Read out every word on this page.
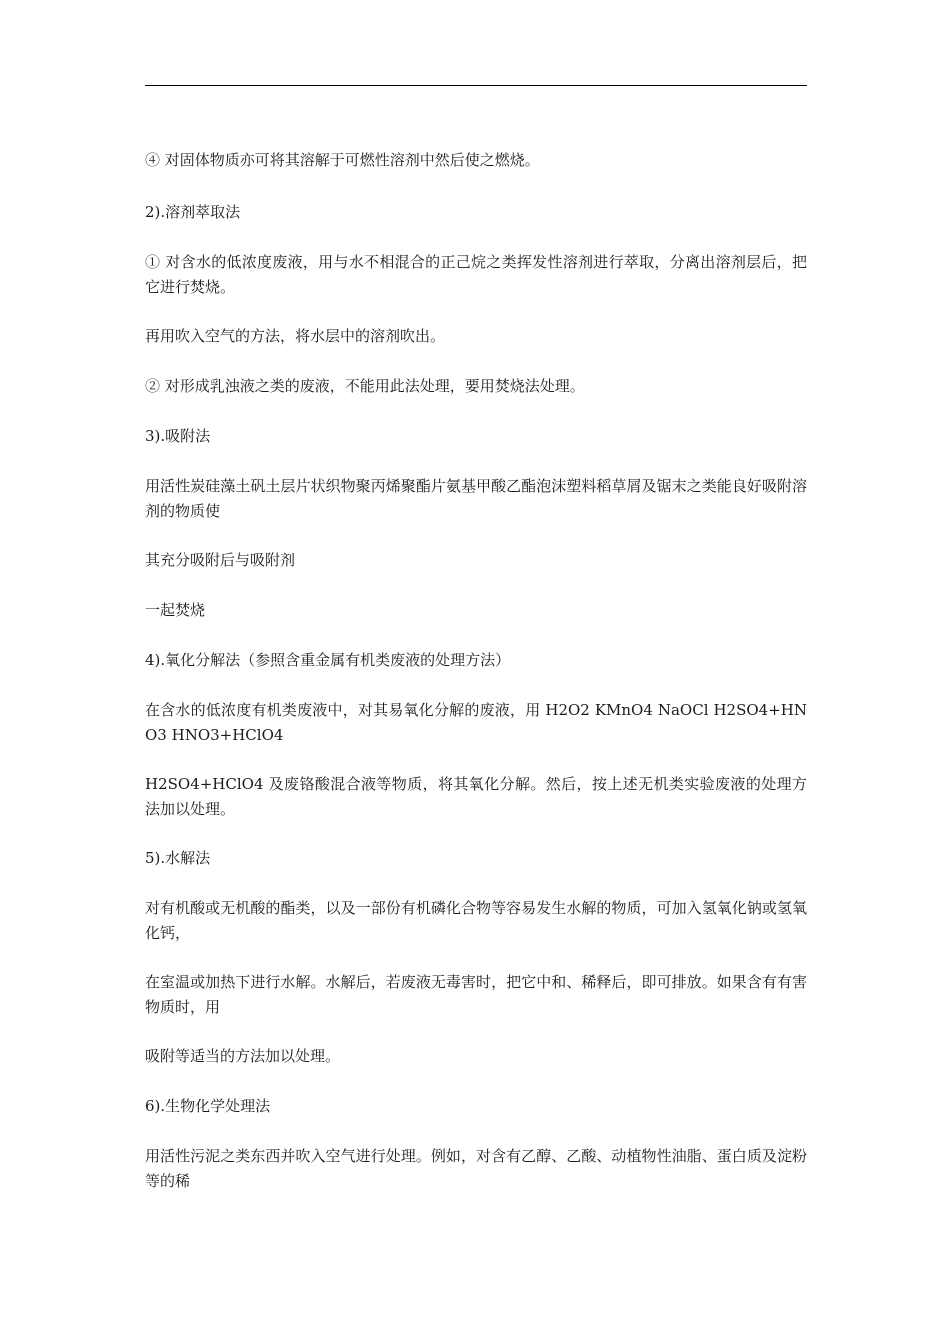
④ 对固体物质亦可将其溶解于可燃性溶剂中然后使之燃烧。

2).溶剂萃取法

① 对含水的低浓度废液，用与水不相混合的正己烷之类挥发性溶剂进行萃取，分离出溶剂层后，把它进行焚烧。

再用吹入空气的方法，将水层中的溶剂吹出。

② 对形成乳浊液之类的废液，不能用此法处理，要用焚烧法处理。

3).吸附法

用活性炭硅藻土矾土层片状织物聚丙烯聚酯片氨基甲酸乙酯泡沫塑料稻草屑及锯末之类能良好吸附溶剂的物质使

其充分吸附后与吸附剂

一起焚烧

4).氧化分解法（参照含重金属有机类废液的处理方法）

在含水的低浓度有机类废液中，对其易氧化分解的废液，用 H2O2 KMnO4 NaOCl H2SO4+HNO3 HNO3+HClO4

H2SO4+HClO4 及废铬酸混合液等物质，将其氧化分解。然后，按上述无机类实验废液的处理方法加以处理。

5).水解法

对有机酸或无机酸的酯类，以及一部份有机磷化合物等容易发生水解的物质，可加入氢氧化钠或氢氧化钙，

在室温或加热下进行水解。水解后，若废液无毒害时，把它中和、稀释后，即可排放。如果含有有害物质时，用

吸附等适当的方法加以处理。

6).生物化学处理法

用活性污泥之类东西并吹入空气进行处理。例如，对含有乙醇、乙酸、动植物性油脂、蛋白质及淀粉等的稀
